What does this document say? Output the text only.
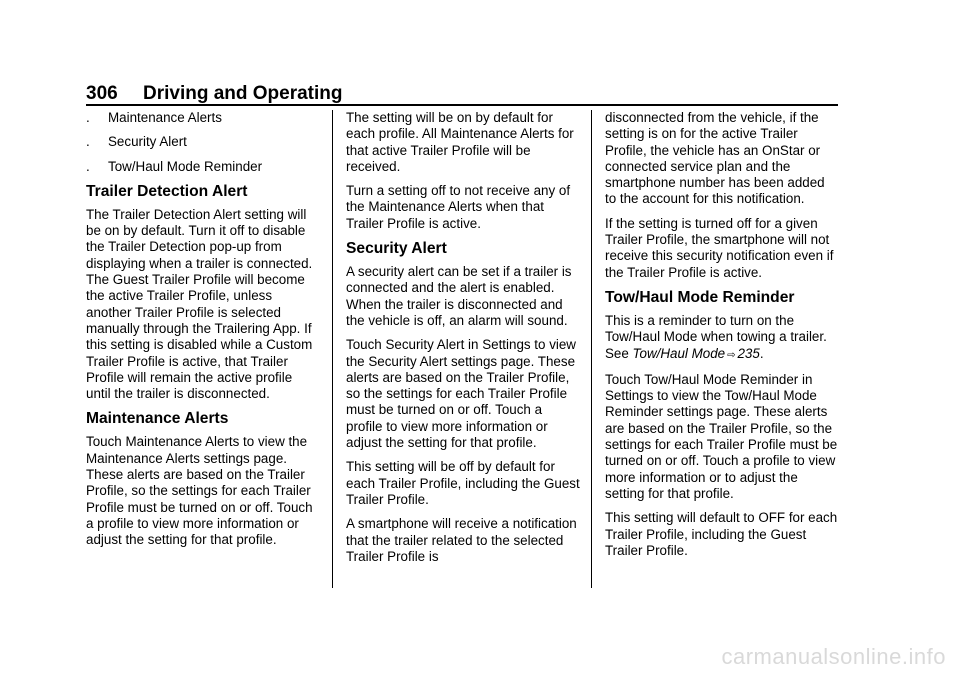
306 Driving and Operating
.	Maintenance Alerts
.	Security Alert
.	Tow/Haul Mode Reminder
Trailer Detection Alert

The Trailer Detection Alert setting will be on by default. Turn it off to disable the Trailer Detection pop-up from displaying when a trailer is connected. The Guest Trailer Profile will become the active Trailer Profile, unless another Trailer Profile is selected manually through the Trailering App. If this setting is disabled while a Custom Trailer Profile is active, that Trailer Profile will remain the active profile until the trailer is disconnected.

Maintenance Alerts

Touch Maintenance Alerts to view the Maintenance Alerts settings page. These alerts are based on the Trailer Profile, so the settings for each Trailer Profile must be turned on or off. Touch a profile to view more information or adjust the setting for that profile.

The setting will be on by default for each profile. All Maintenance Alerts for that active Trailer Profile will be received.

Turn a setting off to not receive any of the Maintenance Alerts when that Trailer Profile is active.

Security Alert

A security alert can be set if a trailer is connected and the alert is enabled. When the trailer is disconnected and the vehicle is off, an alarm will sound.

Touch Security Alert in Settings to view the Security Alert settings page. These alerts are based on the Trailer Profile, so the settings for each Trailer Profile must be turned on or off. Touch a profile to view more information or adjust the setting for that profile.

This setting will be off by default for each Trailer Profile, including the Guest Trailer Profile.

A smartphone will receive a notification that the trailer related to the selected Trailer Profile is

disconnected from the vehicle, if the setting is on for the active Trailer Profile, the vehicle has an OnStar or connected service plan and the smartphone number has been added to the account for this notification.

If the setting is turned off for a given Trailer Profile, the smartphone will not receive this security notification even if the Trailer Profile is active.

Tow/Haul Mode Reminder

This is a reminder to turn on the Tow/Haul Mode when towing a trailer. See Tow/Haul Mode ⇨ 235.

Touch Tow/Haul Mode Reminder in Settings to view the Tow/Haul Mode Reminder settings page. These alerts are based on the Trailer Profile, so the settings for each Trailer Profile must be turned on or off. Touch a profile to view more information or to adjust the setting for that profile.

This setting will default to OFF for each Trailer Profile, including the Guest Trailer Profile.

carmanualsonline.info
